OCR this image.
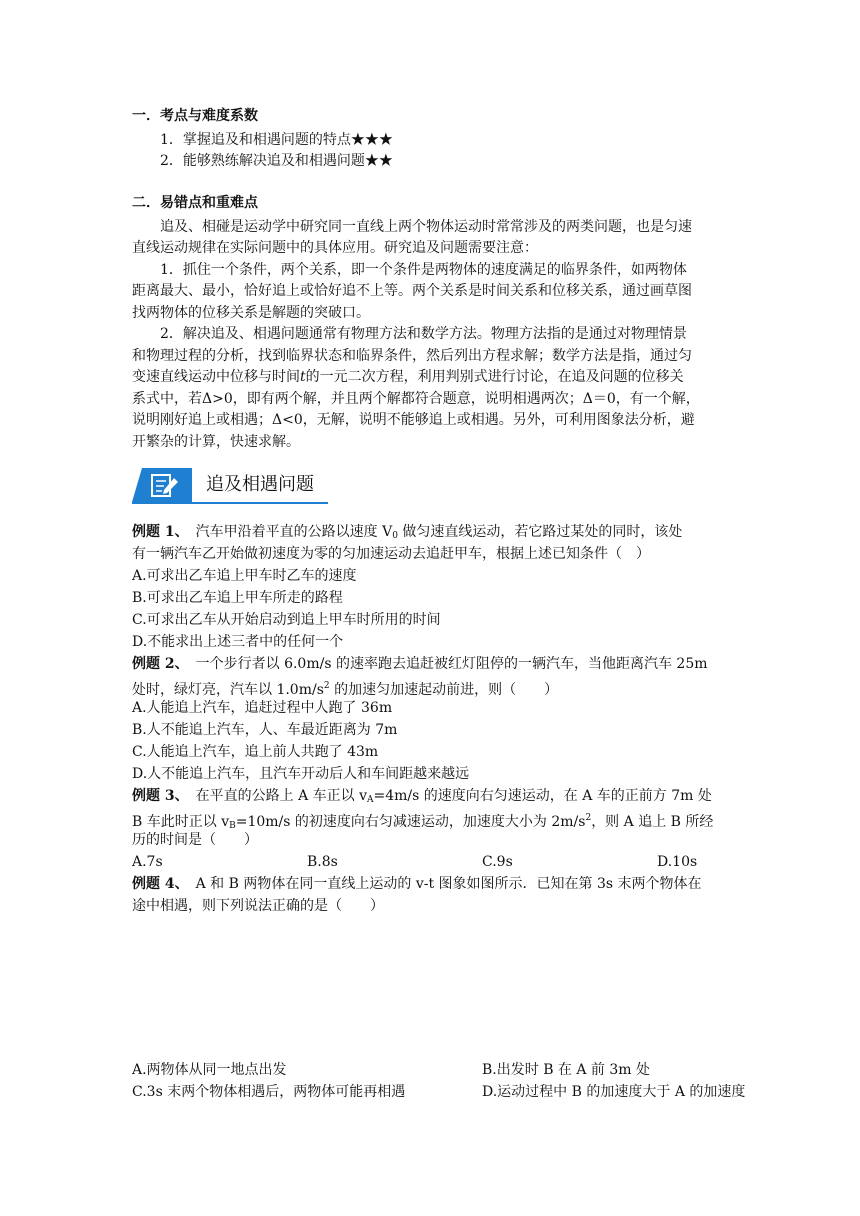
一．考点与难度系数
1．掌握追及和相遇问题的特点★★★
2．能够熟练解决追及和相遇问题★★
二．易错点和重难点
追及、相碰是运动学中研究同一直线上两个物体运动时常常涉及的两类问题，也是匀速
直线运动规律在实际问题中的具体应用。研究追及问题需要注意：
1．抓住一个条件，两个关系，即一个条件是两物体的速度满足的临界条件，如两物体
距离最大、最小，恰好追上或恰好追不上等。两个关系是时间关系和位移关系，通过画草图
找两物体的位移关系是解题的突破口。
2．解决追及、相遇问题通常有物理方法和数学方法。物理方法指的是通过对物理情景
和物理过程的分析，找到临界状态和临界条件，然后列出方程求解；数学方法是指，通过匀
变速直线运动中位移与时间t的一元二次方程，利用判别式进行讨论，在追及问题的位移关
系式中，若Δ>0，即有两个解，并且两个解都符合题意，说明相遇两次；Δ＝0，有一个解，
说明刚好追上或相遇；Δ<0，无解，说明不能够追上或相遇。另外，可利用图象法分析，避
开繁杂的计算，快速求解。
追及相遇问题
例题 1、　 汽车甲沿着平直的公路以速度 $V_0$ 做匀速直线运动，若它路过某处的同时，该处
有一辆汽车乙开始做初速度为零的匀加速运动去追赶甲车，根据上述已知条件（　）
A.可求出乙车追上甲车时乙车的速度
B.可求出乙车追上甲车所走的路程
C.可求出乙车从开始启动到追上甲车时所用的时间
D.不能求出上述三者中的任何一个
例题 2、　 一个步行者以 6.0m/s 的速率跑去追赶被红灯阻停的一辆汽车，当他距离汽车 25m
处时，绿灯亮，汽车以 $1.0m/s^2$ 的加速匀加速起动前进，则（　　）
A.人能追上汽车，追赶过程中人跑了 36m
B.人不能追上汽车，人、车最近距离为 7m
C.人能追上汽车，追上前人共跑了 43m
D.人不能追上汽车，且汽车开动后人和车间距越来越远
例题 3、　 在平直的公路上 A 车正以 $v_A=4m/s$ 的速度向右匀速运动，在 A 车的正前方 7m 处
B 车此时正以 $v_B=10m/s$ 的初速度向右匀减速运动，加速度大小为 $2m/s^2$，则 A 追上 B 所经
历的时间是（　　）
A.7s	B.8s	C.9s	D.10s
例题 4、　 A 和 B 两物体在同一直线上运动的 v-t 图象如图所示．已知在第 3s 末两个物体在
途中相遇，则下列说法正确的是（　　）
A.两物体从同一地点出发	B.出发时 B 在 A 前 3m 处
C.3s 末两个物体相遇后，两物体可能再相遇	D.运动过程中 B 的加速度大于 A 的加速度
